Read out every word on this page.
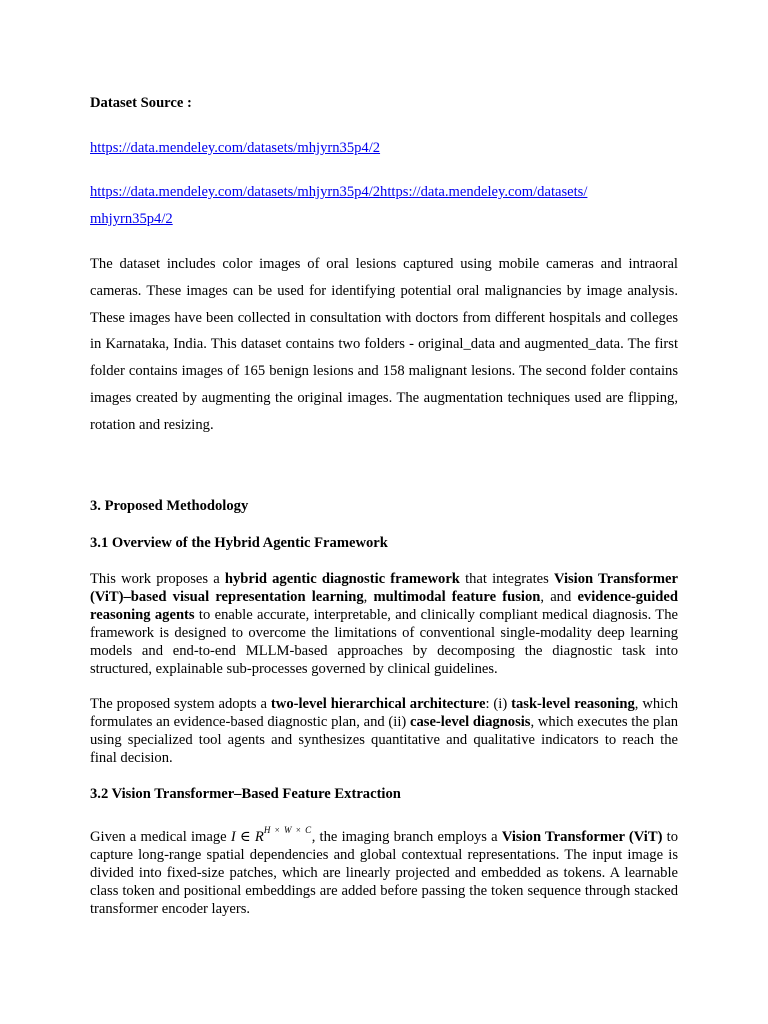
Dataset Source :
https://data.mendeley.com/datasets/mhjyrn35p4/2
https://data.mendeley.com/datasets/mhjyrn35p4/2https://data.mendeley.com/datasets/
mhjyrn35p4/2
The dataset includes color images of oral lesions captured using mobile cameras and intraoral cameras. These images can be used for identifying potential oral malignancies by image analysis. These images have been collected in consultation with doctors from different hospitals and colleges in Karnataka, India. This dataset contains two folders - original_data and augmented_data. The first folder contains images of 165 benign lesions and 158 malignant lesions. The second folder contains images created by augmenting the original images. The augmentation techniques used are flipping, rotation and resizing.
3. Proposed Methodology
3.1 Overview of the Hybrid Agentic Framework
This work proposes a hybrid agentic diagnostic framework that integrates Vision Transformer (ViT)–based visual representation learning, multimodal feature fusion, and evidence-guided reasoning agents to enable accurate, interpretable, and clinically compliant medical diagnosis. The framework is designed to overcome the limitations of conventional single-modality deep learning models and end-to-end MLLM-based approaches by decomposing the diagnostic task into structured, explainable sub-processes governed by clinical guidelines.
The proposed system adopts a two-level hierarchical architecture: (i) task-level reasoning, which formulates an evidence-based diagnostic plan, and (ii) case-level diagnosis, which executes the plan using specialized tool agents and synthesizes quantitative and qualitative indicators to reach the final decision.
3.2 Vision Transformer–Based Feature Extraction
Given a medical image I ∈ $R^{H \times W \times C}$, the imaging branch employs a Vision Transformer (ViT) to capture long-range spatial dependencies and global contextual representations. The input image is divided into fixed-size patches, which are linearly projected and embedded as tokens. A learnable class token and positional embeddings are added before passing the token sequence through stacked transformer encoder layers.
